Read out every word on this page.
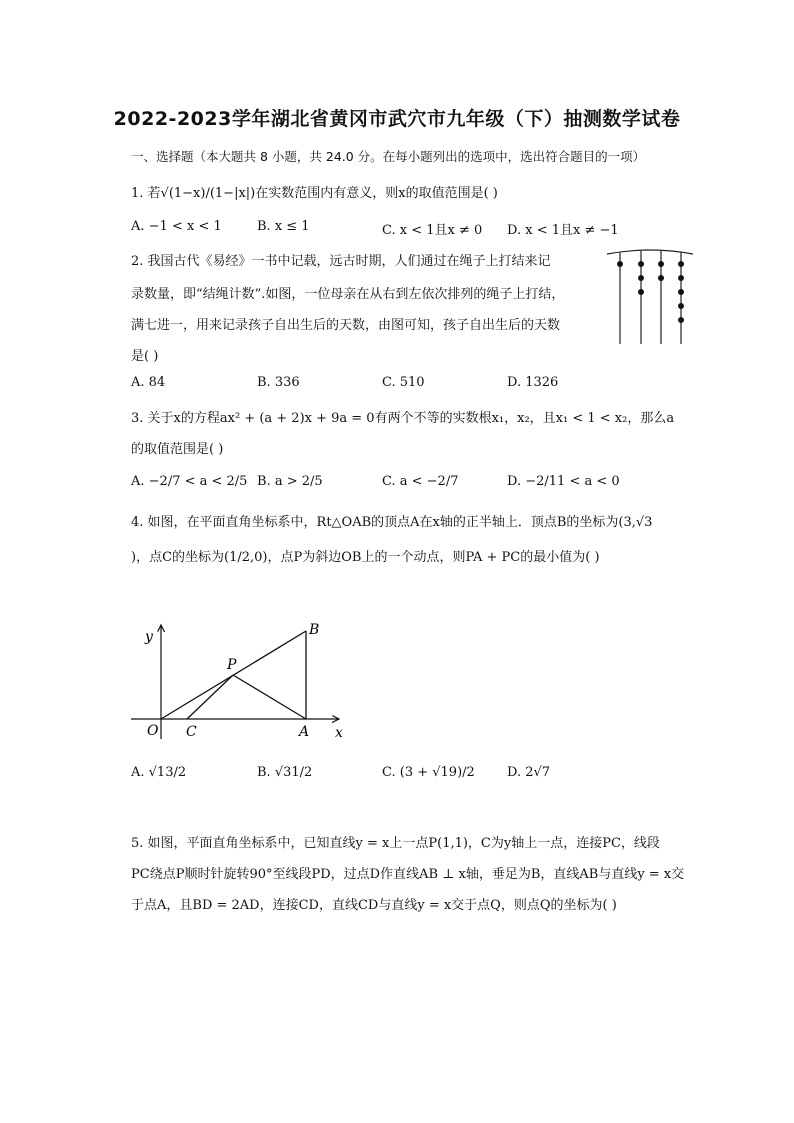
2022-2023学年湖北省黄冈市武穴市九年级（下）抽测数学试卷
一、选择题（本大题共 8 小题，共 24.0 分。在每小题列出的选项中，选出符合题目的一项）
1. 若√(1−x)/(1−|x|)在实数范围内有意义，则x的取值范围是( )
A. −1 < x < 1	B. x ≤ 1	C. x < 1且x ≠ 0 D. x < 1且x ≠ −1
2. 我国古代《易经》一书中记载，远古时期，人们通过在绳子上打结来记
录数量，即“结绳计数”.如图，一位母亲在从右到左依次排列的绳子上打结，
满七进一，用来记录孩子自出生后的天数，由图可知，孩子自出生后的天数
是( )
A. 84	B. 336	C. 510	D. 1326
3. 关于x的方程ax² + (a + 2)x + 9a = 0有两个不等的实数根x₁，x₂，且x₁ < 1 < x₂，那么a
的取值范围是( )
A. −2/7 < a < 2/5 B. a > 2/5	C. a < −2/7	D. −2/11 < a < 0
4. 如图，在平面直角坐标系中，Rt△OAB的顶点A在x轴的正半轴上．顶点B的坐标为(3,√3
)，点C的坐标为(1/2,0)，点P为斜边OB上的一个动点，则PA + PC的最小值为( )
y
x
O C	A
B
P
A. √13/2	B. √31/2	C. (3 + √19)/2 D. 2√7
5. 如图，平面直角坐标系中，已知直线y = x上一点P(1,1)，C为y轴上一点，连接PC，线段
PC绕点P顺时针旋转90°至线段PD，过点D作直线AB ⊥ x轴，垂足为B，直线AB与直线y = x交
于点A，且BD = 2AD，连接CD，直线CD与直线y = x交于点Q，则点Q的坐标为( )
